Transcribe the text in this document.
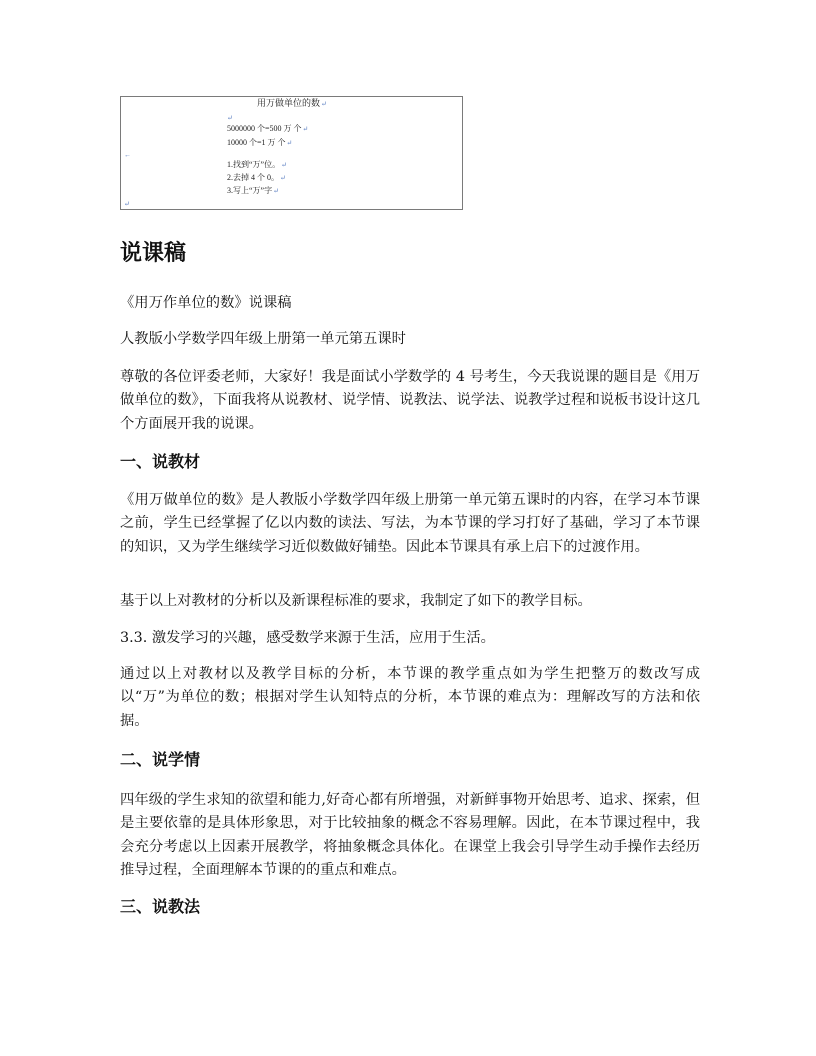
用万做单位的数↵
↵
5000000 个=500 万 个↵
10000 个=1 万 个↵
←
1.找到“万”位。↵
2.去掉 4 个 0。↵
3.写上“万”字↵
↵
说课稿

《用万作单位的数》说课稿

人教版小学数学四年级上册第一单元第五课时

尊敬的各位评委老师，大家好！我是面试小学数学的 4 号考生，今天我说课的题目是《用万做单位的数》，下面我将从说教材、说学情、说教法、说学法、说教学过程和说板书设计这几个方面展开我的说课。

一、说教材

《用万做单位的数》是人教版小学数学四年级上册第一单元第五课时的内容，在学习本节课之前，学生已经掌握了亿以内数的读法、写法，为本节课的学习打好了基础，学习了本节课的知识，又为学生继续学习近似数做好铺垫。因此本节课具有承上启下的过渡作用。

基于以上对教材的分析以及新课程标准的要求，我制定了如下的教学目标。

3.3. 激发学习的兴趣，感受数学来源于生活，应用于生活。

通过以上对教材以及教学目标的分析，本节课的教学重点如为学生把整万的数改写成以“万”为单位的数；根据对学生认知特点的分析，本节课的难点为：理解改写的方法和依据。

二、说学情

四年级的学生求知的欲望和能力,好奇心都有所增强，对新鲜事物开始思考、追求、探索，但是主要依靠的是具体形象思，对于比较抽象的概念不容易理解。因此，在本节课过程中，我会充分考虑以上因素开展教学，将抽象概念具体化。在课堂上我会引导学生动手操作去经历推导过程，全面理解本节课的的重点和难点。

三、说教法
